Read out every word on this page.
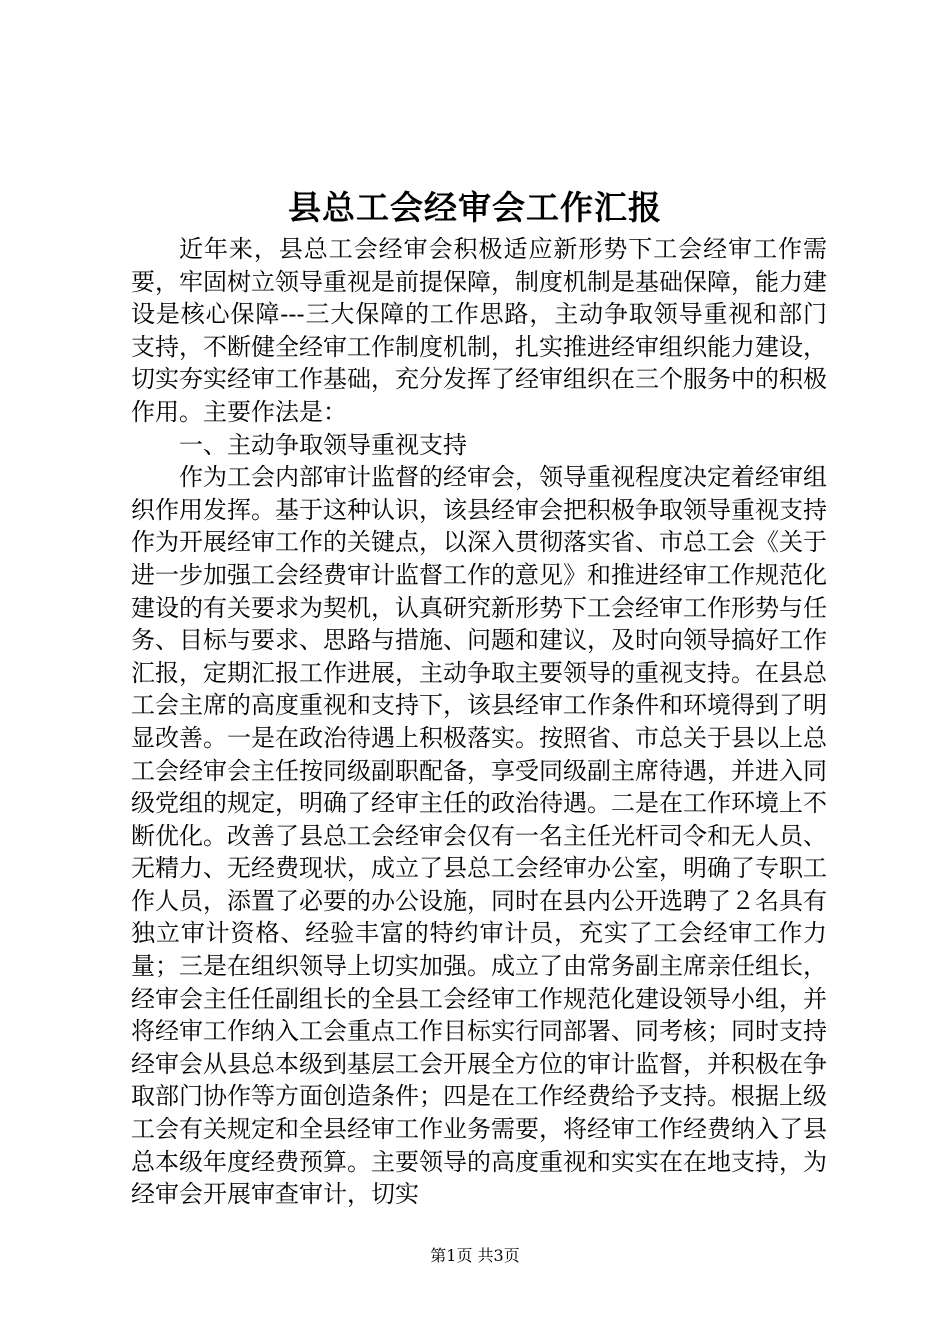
县总工会经审会工作汇报

近年来，县总工会经审会积极适应新形势下工会经审工作需要，牢固树立领导重视是前提保障，制度机制是基础保障，能力建设是核心保障---三大保障的工作思路，主动争取领导重视和部门支持，不断健全经审工作制度机制，扎实推进经审组织能力建设，切实夯实经审工作基础，充分发挥了经审组织在三个服务中的积极作用。主要作法是：

一、主动争取领导重视支持

作为工会内部审计监督的经审会，领导重视程度决定着经审组织作用发挥。基于这种认识，该县经审会把积极争取领导重视支持作为开展经审工作的关键点，以深入贯彻落实省、市总工会《关于进一步加强工会经费审计监督工作的意见》和推进经审工作规范化建设的有关要求为契机，认真研究新形势下工会经审工作形势与任务、目标与要求、思路与措施、问题和建议，及时向领导搞好工作汇报，定期汇报工作进展，主动争取主要领导的重视支持。在县总工会主席的高度重视和支持下，该县经审工作条件和环境得到了明显改善。一是在政治待遇上积极落实。按照省、市总关于县以上总工会经审会主任按同级副职配备，享受同级副主席待遇，并进入同级党组的规定，明确了经审主任的政治待遇。二是在工作环境上不断优化。改善了县总工会经审会仅有一名主任光杆司令和无人员、无精力、无经费现状，成立了县总工会经审办公室，明确了专职工作人员，添置了必要的办公设施，同时在县内公开选聘了２名具有独立审计资格、经验丰富的特约审计员，充实了工会经审工作力量；三是在组织领导上切实加强。成立了由常务副主席亲任组长，经审会主任任副组长的全县工会经审工作规范化建设领导小组，并将经审工作纳入工会重点工作目标实行同部署、同考核；同时支持经审会从县总本级到基层工会开展全方位的审计监督，并积极在争取部门协作等方面创造条件；四是在工作经费给予支持。根据上级工会有关规定和全县经审工作业务需要，将经审工作经费纳入了县总本级年度经费预算。主要领导的高度重视和实实在在地支持，为经审会开展审查审计，切实

第1页 共3页
